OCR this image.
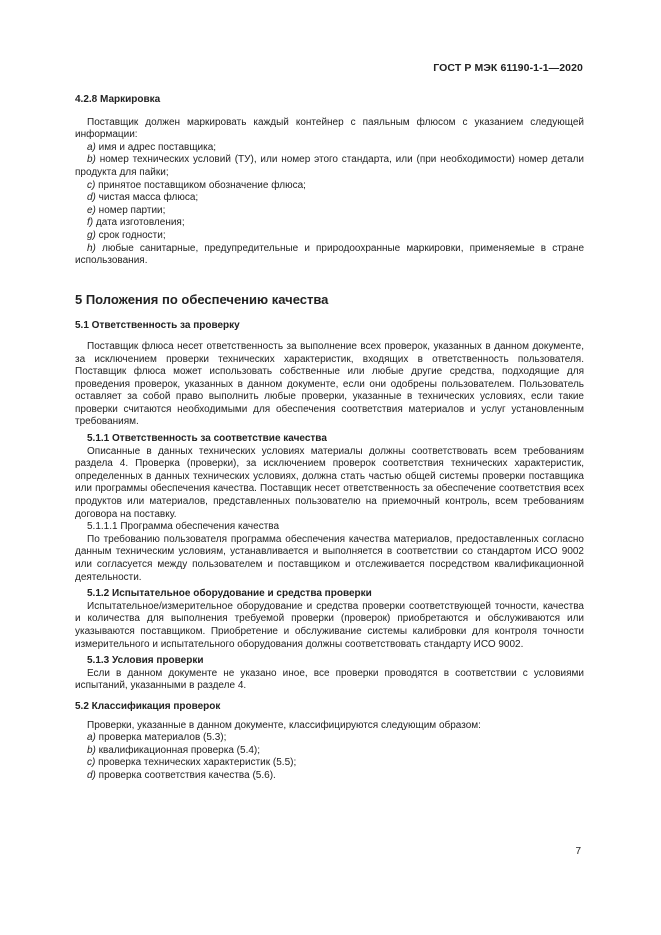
ГОСТ Р МЭК 61190-1-1—2020

4.2.8 Маркировка

Поставщик должен маркировать каждый контейнер с паяльным флюсом с указанием следующей информации:

a) имя и адрес поставщика;

b) номер технических условий (ТУ), или номер этого стандарта, или (при необходимости) номер детали продукта для пайки;

c) принятое поставщиком обозначение флюса;

d) чистая масса флюса;

e) номер партии;

f) дата изготовления;

g) срок годности;

h) любые санитарные, предупредительные и природоохранные маркировки, применяемые в стране использования.

5 Положения по обеспечению качества

5.1 Ответственность за проверку

Поставщик флюса несет ответственность за выполнение всех проверок, указанных в данном документе, за исключением проверки технических характеристик, входящих в ответственность пользователя. Поставщик флюса может использовать собственные или любые другие средства, подходящие для проведения проверок, указанных в данном документе, если они одобрены пользователем. Пользователь оставляет за собой право выполнить любые проверки, указанные в технических условиях, если такие проверки считаются необходимыми для обеспечения соответствия материалов и услуг установленным требованиям.

5.1.1 Ответственность за соответствие качества

Описанные в данных технических условиях материалы должны соответствовать всем требованиям раздела 4. Проверка (проверки), за исключением проверок соответствия технических характеристик, определенных в данных технических условиях, должна стать частью общей системы проверки поставщика или программы обеспечения качества. Поставщик несет ответственность за обеспечение соответствия всех продуктов или материалов, представленных пользователю на приемочный контроль, всем требованиям договора на поставку.

5.1.1.1 Программа обеспечения качества

По требованию пользователя программа обеспечения качества материалов, предоставленных согласно данным техническим условиям, устанавливается и выполняется в соответствии со стандартом ИСО 9002 или согласуется между пользователем и поставщиком и отслеживается посредством квалификационной деятельности.

5.1.2 Испытательное оборудование и средства проверки

Испытательное/измерительное оборудование и средства проверки соответствующей точности, качества и количества для выполнения требуемой проверки (проверок) приобретаются и обслуживаются или указываются поставщиком. Приобретение и обслуживание системы калибровки для контроля точности измерительного и испытательного оборудования должны соответствовать стандарту ИСО 9002.

5.1.3 Условия проверки

Если в данном документе не указано иное, все проверки проводятся в соответствии с условиями испытаний, указанными в разделе 4.

5.2 Классификация проверок

Проверки, указанные в данном документе, классифицируются следующим образом:

a) проверка материалов (5.3);

b) квалификационная проверка (5.4);

c) проверка технических характеристик (5.5);

d) проверка соответствия качества (5.6).

7
